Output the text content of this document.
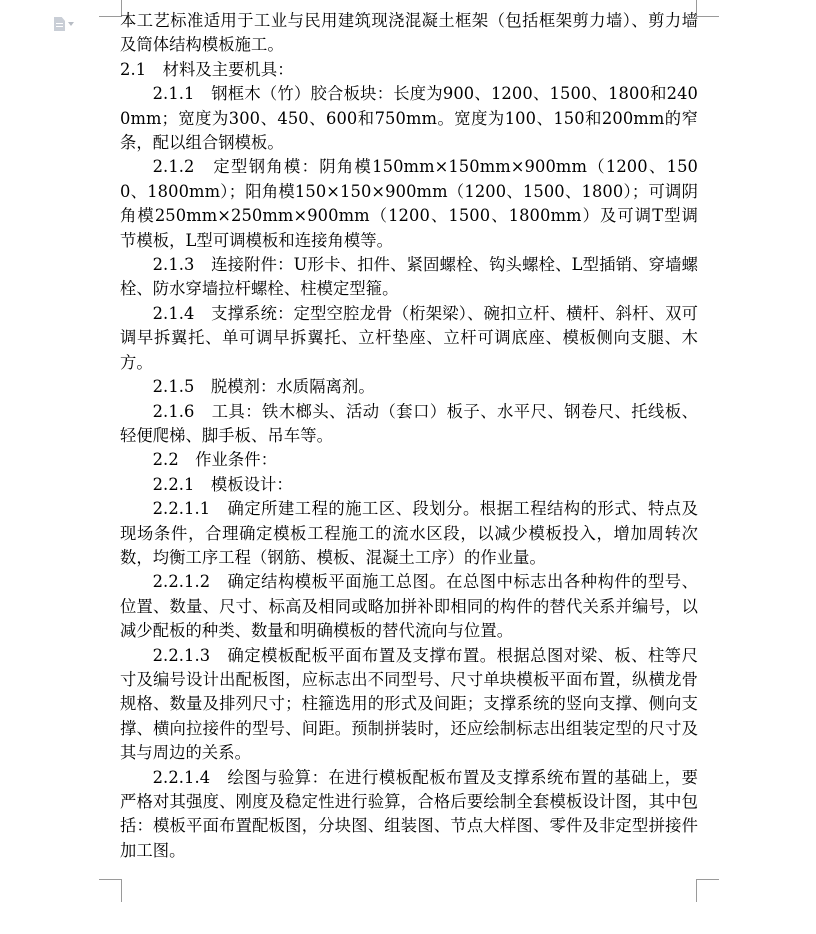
本工艺标准适用于工业与民用建筑现浇混凝土框架（包括框架剪力墙）、剪力墙及筒体结构模板施工。

2.1　材料及主要机具：

2.1.1　钢框木（竹）胶合板块：长度为900、1200、1500、1800和2400mm；宽度为300、450、600和750mm。宽度为100、150和200mm的窄条，配以组合钢模板。

2.1.2　定型钢角模：阴角模150mm×150mm×900mm（1200、1500、1800mm）；阳角模150×150×900mm（1200、1500、1800）；可调阴角模250mm×250mm×900mm（1200、1500、1800mm）及可调T型调节模板，L型可调模板和连接角模等。

2.1.3　连接附件：U形卡、扣件、紧固螺栓、钩头螺栓、L型插销、穿墙螺栓、防水穿墙拉杆螺栓、柱模定型箍。

2.1.4　支撑系统：定型空腔龙骨（桁架梁）、碗扣立杆、横杆、斜杆、双可调早拆翼托、单可调早拆翼托、立杆垫座、立杆可调底座、模板侧向支腿、木方。

2.1.5　脱模剂：水质隔离剂。

2.1.6　工具：铁木榔头、活动（套口）板子、水平尺、钢卷尺、托线板、轻便爬梯、脚手板、吊车等。

2.2　作业条件：

2.2.1　模板设计：

2.2.1.1　确定所建工程的施工区、段划分。根据工程结构的形式、特点及现场条件，合理确定模板工程施工的流水区段，以减少模板投入，增加周转次数，均衡工序工程（钢筋、模板、混凝土工序）的作业量。

2.2.1.2　确定结构模板平面施工总图。在总图中标志出各种构件的型号、位置、数量、尺寸、标高及相同或略加拼补即相同的构件的替代关系并编号，以减少配板的种类、数量和明确模板的替代流向与位置。

2.2.1.3　确定模板配板平面布置及支撑布置。根据总图对梁、板、柱等尺寸及编号设计出配板图，应标志出不同型号、尺寸单块模板平面布置，纵横龙骨规格、数量及排列尺寸；柱箍选用的形式及间距；支撑系统的竖向支撑、侧向支撑、横向拉接件的型号、间距。预制拼装时，还应绘制标志出组装定型的尺寸及其与周边的关系。

2.2.1.4　绘图与验算：在进行模板配板布置及支撑系统布置的基础上，要严格对其强度、刚度及稳定性进行验算，合格后要绘制全套模板设计图，其中包括：模板平面布置配板图，分块图、组装图、节点大样图、零件及非定型拼接件加工图。
